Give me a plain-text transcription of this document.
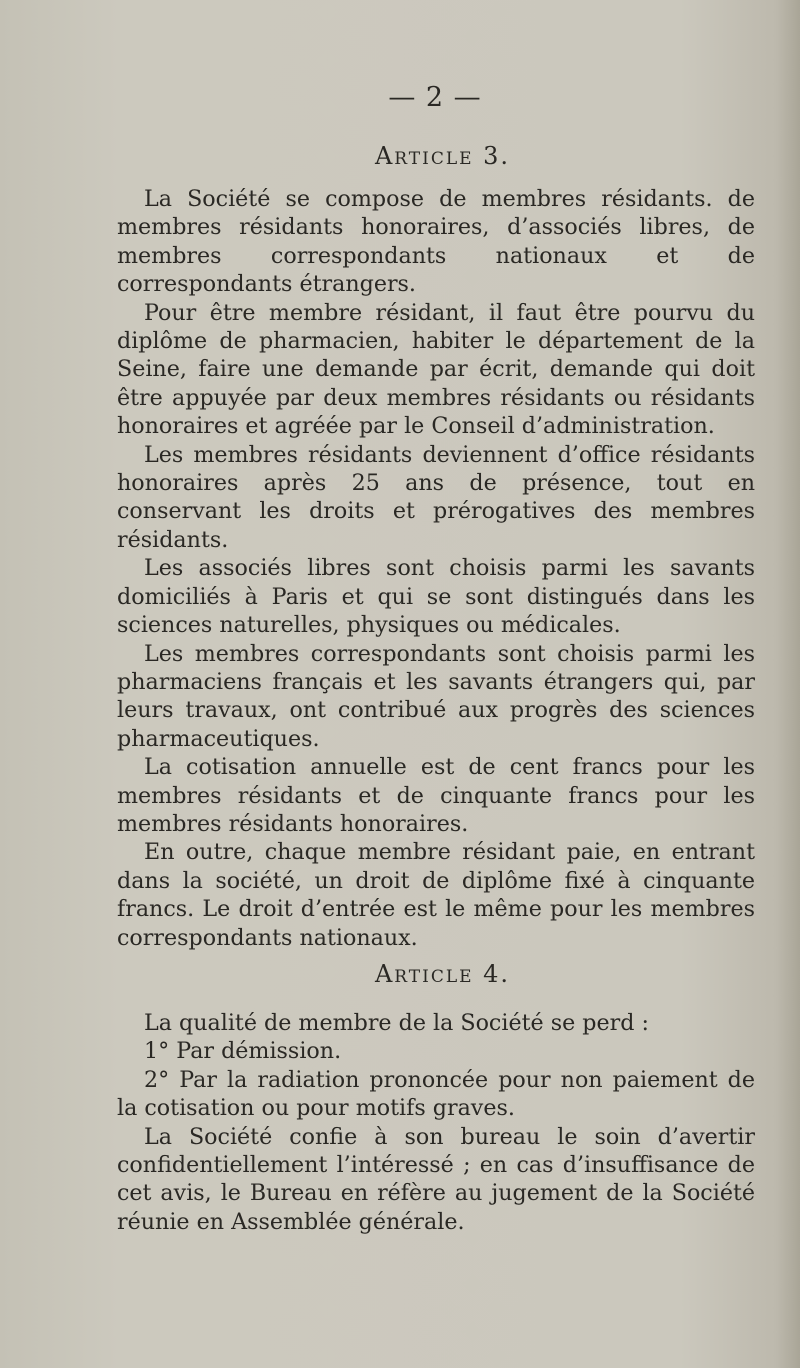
— 2 —
Article 3.

La Société se compose de membres résidants. de membres résidants honoraires, d’associés libres, de membres correspondants nationaux et de correspondants étrangers.

Pour être membre résidant, il faut être pourvu du diplôme de pharmacien, habiter le département de la Seine, faire une demande par écrit, demande qui doit être appuyée par deux membres résidants ou résidants honoraires et agréée par le Conseil d’administration.

Les membres résidants deviennent d’office résidants honoraires après 25 ans de présence, tout en conservant les droits et prérogatives des membres résidants.

Les associés libres sont choisis parmi les savants domiciliés à Paris et qui se sont distingués dans les sciences naturelles, physiques ou médicales.

Les membres correspondants sont choisis parmi les pharmaciens français et les savants étrangers qui, par leurs travaux, ont contribué aux progrès des sciences pharmaceutiques.

La cotisation annuelle est de cent francs pour les membres résidants et de cinquante francs pour les membres résidants honoraires.

En outre, chaque membre résidant paie, en entrant dans la société, un droit de diplôme fixé à cinquante francs. Le droit d’entrée est le même pour les membres correspondants nationaux.

Article 4.

La qualité de membre de la Société se perd :

1° Par démission.

2° Par la radiation prononcée pour non paiement de la cotisation ou pour motifs graves.

La Société confie à son bureau le soin d’avertir confidentiellement l’intéressé ; en cas d’insuffisance de cet avis, le Bureau en réfère au jugement de la Société réunie en Assemblée générale.
